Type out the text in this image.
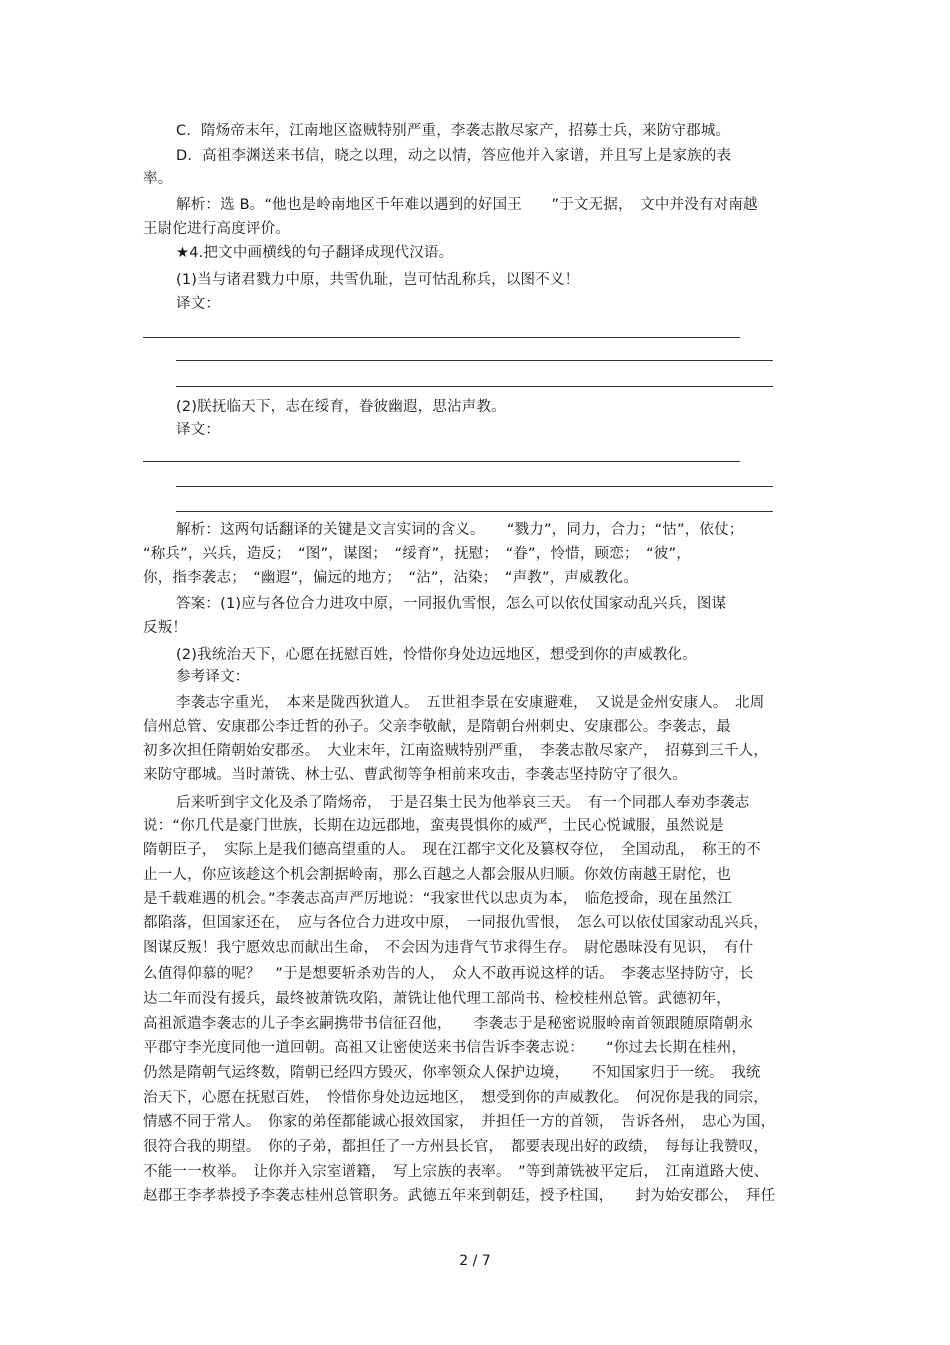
C．隋炀帝末年，江南地区盗贼特别严重，李袭志散尽家产，招募士兵，来防守郡城。
D．高祖李渊送来书信，晓之以理，动之以情，答应他并入家谱，并且写上是家族的表
率。
解析：选 B。“他也是岭南地区千年难以遇到的好国王　　”于文无据，　文中并没有对南越
王尉佗进行高度评价。
★4.把文中画横线的句子翻译成现代汉语。
(1)当与诸君戮力中原，共雪仇耻，岂可怙乱称兵，以图不义！
译文：
(2)朕抚临天下，志在绥育，眷彼幽遐，思沾声教。
译文：
解析：这两句话翻译的关键是文言实词的含义。　　“戮力”，同力，合力；“怙”，依仗；
“称兵”，兴兵，造反；　“图”，谋图；　“绥育”，抚慰；　“眷”，怜惜，顾恋；　“彼”，
你，指李袭志；　“幽遐”，偏远的地方；　“沾”，沾染；　“声教”，声威教化。
答案：(1)应与各位合力进攻中原，一同报仇雪恨，怎么可以依仗国家动乱兴兵，图谋
反叛！
(2)我统治天下，心愿在抚慰百姓，怜惜你身处边远地区，想受到你的声威教化。
参考译文：
李袭志字重光，　本来是陇西狄道人。　五世祖李景在安康避难，　又说是金州安康人。　北周
信州总管、安康郡公李迁哲的孙子。父亲李敬献，是隋朝台州刺史、安康郡公。李袭志，最
初多次担任隋朝始安郡丞。　大业末年，江南盗贼特别严重，　李袭志散尽家产，　招募到三千人，
来防守郡城。当时萧铣、林士弘、曹武彻等争相前来攻击，李袭志坚持防守了很久。
后来听到宇文化及杀了隋炀帝，　于是召集士民为他举哀三天。　有一个同郡人奉劝李袭志
说：“你几代是豪门世族，长期在边远郡地，蛮夷畏惧你的威严，士民心悦诚服，虽然说是
隋朝臣子，　实际上是我们德高望重的人。　现在江都宇文化及篡权夺位，　全国动乱，　称王的不
止一人，你应该趁这个机会割据岭南，那么百越之人都会服从归顺。你效仿南越王尉佗，也
是千载难遇的机会。”李袭志高声严厉地说：“我家世代以忠贞为本，　临危授命，现在虽然江
都陷落，但国家还在，　应与各位合力进攻中原，　一同报仇雪恨，　怎么可以依仗国家动乱兴兵，
图谋反叛！我宁愿效忠而献出生命，　不会因为违背气节求得生存。　尉佗愚昧没有见识，　有什
么值得仰慕的呢？　”于是想要斩杀劝告的人，　众人不敢再说这样的话。　李袭志坚持防守，长
达二年而没有援兵，最终被萧铣攻陷，萧铣让他代理工部尚书、检校桂州总管。武德初年，
高祖派遣李袭志的儿子李玄嗣携带书信征召他，　　李袭志于是秘密说服岭南首领跟随原隋朝永
平郡守李光度同他一道回朝。高祖又让密使送来书信告诉李袭志说：　　“你过去长期在桂州，
仍然是隋朝气运终数，隋朝已经四方毁灭，你率领众人保护边境，　　不知国家归于一统。　我统
治天下，心愿在抚慰百姓，　怜惜你身处边远地区，　想受到你的声威教化。　何况你是我的同宗，
情感不同于常人。　你家的弟侄都能诚心报效国家，　并担任一方的首领，　告诉各州，　忠心为国，
很符合我的期望。　你的子弟，都担任了一方州县长官，　都要表现出好的政绩，　每每让我赞叹，
不能一一枚举。　让你并入宗室谱籍，　写上宗族的表率。　”等到萧铣被平定后，　江南道路大使、
赵郡王李孝恭授予李袭志桂州总管职务。武德五年来到朝廷，授予柱国，　　封为始安郡公，　拜任
2 / 7
